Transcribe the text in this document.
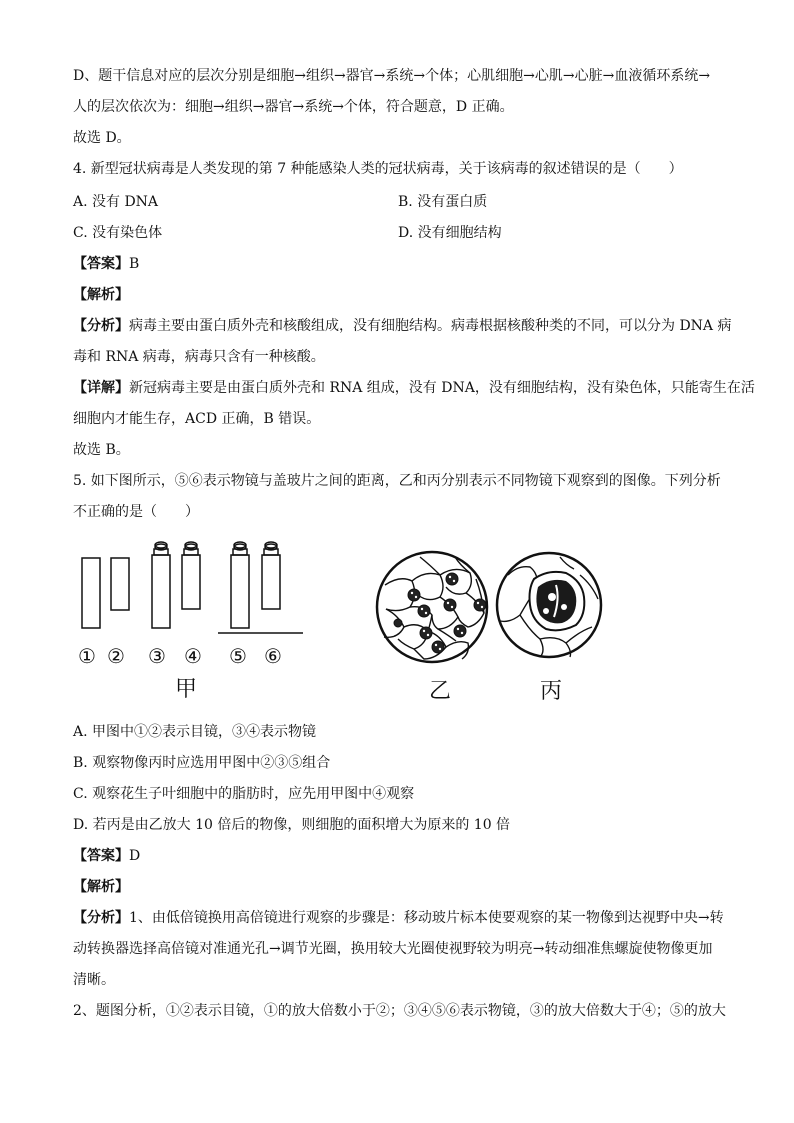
D、题干信息对应的层次分别是细胞→组织→器官→系统→个体；心肌细胞→心肌→心脏→血液循环系统→
人的层次依次为：细胞→组织→器官→系统→个体，符合题意，D 正确。
故选 D。
4. 新型冠状病毒是人类发现的第 7 种能感染人类的冠状病毒，关于该病毒的叙述错误的是（　　）
A. 没有 DNA	B. 没有蛋白质
C. 没有染色体	D. 没有细胞结构
【答案】B
【解析】
【分析】病毒主要由蛋白质外壳和核酸组成，没有细胞结构。病毒根据核酸种类的不同，可以分为 DNA 病
毒和 RNA 病毒，病毒只含有一种核酸。
【详解】新冠病毒主要是由蛋白质外壳和 RNA 组成，没有 DNA，没有细胞结构，没有染色体，只能寄生在活
细胞内才能生存，ACD 正确，B 错误。
故选 B。
5. 如下图所示，⑤⑥表示物镜与盖玻片之间的距离，乙和丙分别表示不同物镜下观察到的图像。下列分析
不正确的是（　　）
① ② ③ ④ ⑤ ⑥
甲	乙	丙
A. 甲图中①②表示目镜，③④表示物镜
B. 观察物像丙时应选用甲图中②③⑤组合
C. 观察花生子叶细胞中的脂肪时，应先用甲图中④观察
D. 若丙是由乙放大 10 倍后的物像，则细胞的面积增大为原来的 10 倍
【答案】D
【解析】
【分析】1、由低倍镜换用高倍镜进行观察的步骤是：移动玻片标本使要观察的某一物像到达视野中央→转
动转换器选择高倍镜对准通光孔→调节光圈，换用较大光圈使视野较为明亮→转动细准焦螺旋使物像更加
清晰。
2、题图分析，①②表示目镜，①的放大倍数小于②；③④⑤⑥表示物镜，③的放大倍数大于④；⑤的放大
